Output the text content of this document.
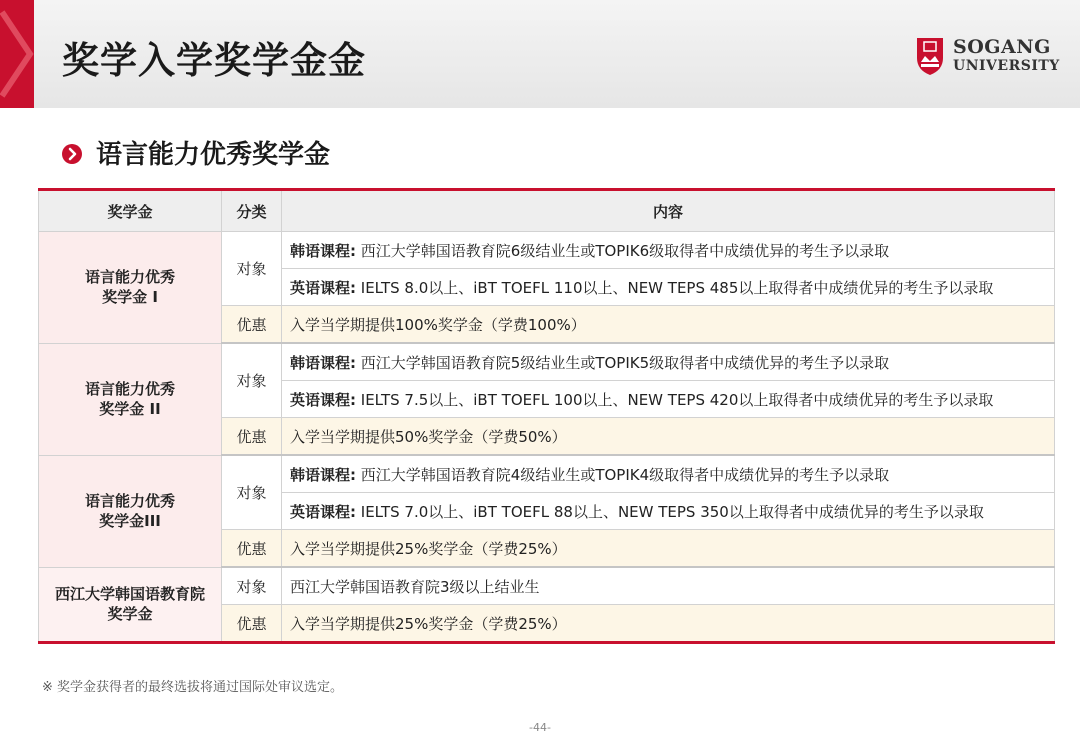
奖学入学奖学金金	SOGANG
UNIVERSITY
语言能力优秀奖学金
奖学金	分类	内容
语言能力优秀
奖学金 I	对象	韩语课程: 西江大学韩国语教育院6级结业生或TOPIK6级取得者中成绩优异的考生予以录取
		英语课程: IELTS 8.0以上、iBT TOEFL 110以上、NEW TEPS 485以上取得者中成绩优异的考生予以录取
	优惠	入学当学期提供100%奖学金（学费100%）
语言能力优秀
奖学金 II	对象	韩语课程: 西江大学韩国语教育院5级结业生或TOPIK5级取得者中成绩优异的考生予以录取
		英语课程: IELTS 7.5以上、iBT TOEFL 100以上、NEW TEPS 420以上取得者中成绩优异的考生予以录取
	优惠	入学当学期提供50%奖学金（学费50%）
语言能力优秀
奖学金III	对象	韩语课程: 西江大学韩国语教育院4级结业生或TOPIK4级取得者中成绩优异的考生予以录取
		英语课程: IELTS 7.0以上、iBT TOEFL 88以上、NEW TEPS 350以上取得者中成绩优异的考生予以录取
	优惠	入学当学期提供25%奖学金（学费25%）
西江大学韩国语教育院
奖学金	对象	西江大学韩国语教育院3级以上结业生
	优惠	入学当学期提供25%奖学金（学费25%）
※ 奖学金获得者的最终选拔将通过国际处审议选定。
-44-
